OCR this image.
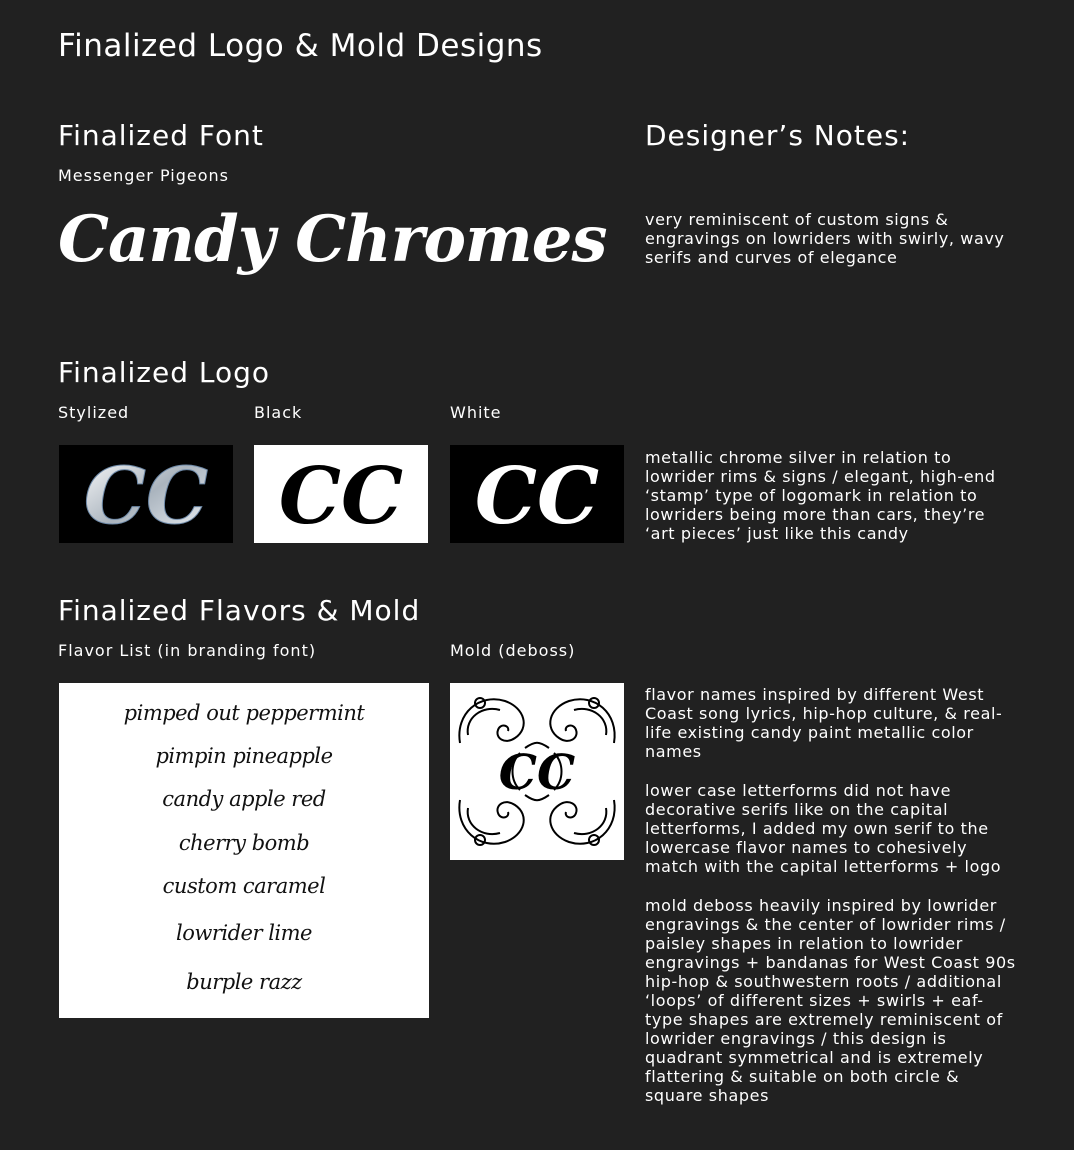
Finalized Logo & Mold Designs
Finalized Font
Messenger Pigeons
Candy Chromes
Designer’s Notes:
very reminiscent of custom signs & engravings on lowriders with swirly, wavy serifs and curves of elegance
Finalized Logo
Stylized	Black	White
CC CC CC	metallic chrome silver in relation to lowrider rims & signs / elegant, high-end ‘stamp’ type of logomark in relation to lowriders being more than cars, they’re ‘art pieces’ just like this candy
Finalized Flavors & Mold
Flavor List (in branding font)	Mold (deboss)
pimped out peppermint
pimpin pineapple
candy apple red
cherry bomb
custom caramel
lowrider lime
burple razz
CC

flavor names inspired by different West Coast song lyrics, hip-hop culture, & real-life existing candy paint metallic color names

lower case letterforms did not have decorative serifs like on the capital letterforms, I added my own serif to the lowercase flavor names to cohesively match with the capital letterforms + logo

mold deboss heavily inspired by lowrider engravings & the center of lowrider rims / paisley shapes in relation to lowrider engravings + bandanas for West Coast 90s hip-hop & southwestern roots / additional ‘loops’ of different sizes + swirls + eaf-type shapes are extremely reminiscent of lowrider engravings / this design is quadrant symmetrical and is extremely flattering & suitable on both circle & square shapes
